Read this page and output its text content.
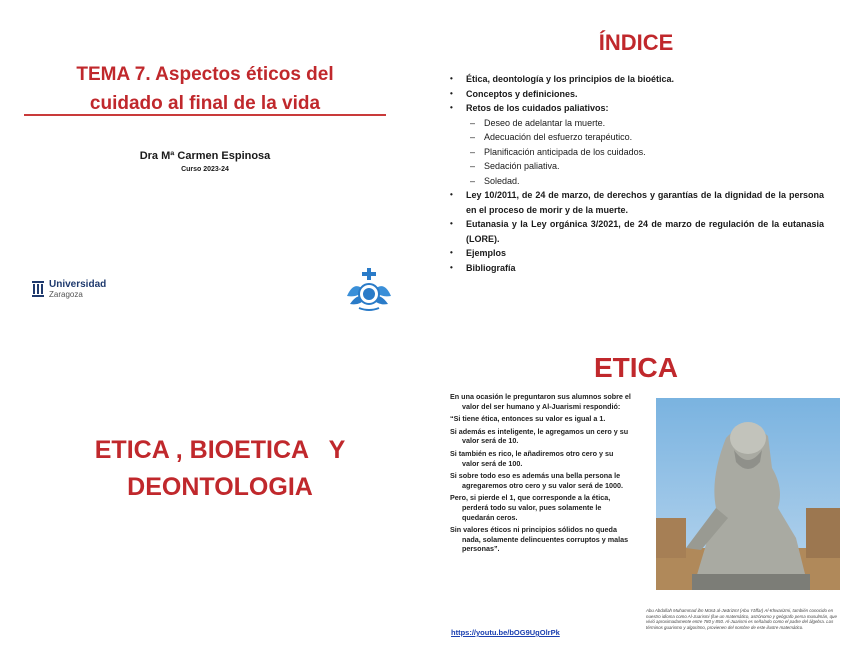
TEMA 7. Aspectos éticos del
cuidado al final de la vida
Dra Mª Carmen Espinosa
Curso 2023-24
Universidad
Zaragoza
ÍNDICE
• Ética, deontología y los principios de la bioética.
• Conceptos y definiciones.
• Retos de los cuidados paliativos:
– Deseo de adelantar la muerte.
– Adecuación del esfuerzo terapéutico.
– Planificación anticipada de los cuidados.
– Sedación paliativa.
– Soledad.
• Ley 10/2011, de 24 de marzo, de derechos y garantías de la dignidad de la persona en el proceso de morir y de la muerte.
• Eutanasia y la Ley orgánica 3/2021, de 24 de marzo de regulación de la eutanasia (LORE).
• Ejemplos
• Bibliografía
ETICA , BIOETICA   Y
DEONTOLOGIA
ETICA

En una ocasión le preguntaron sus alumnos sobre el valor del ser humano y Al-Juarismi respondió:

“Si tiene ética, entonces su valor es igual a 1.

Si además es inteligente, le agregamos un cero y su valor será de 10.

Si también es rico, le añadiremos otro cero y su valor será de 100.

Si sobre todo eso es además una bella persona le agregaremos otro cero y su valor será de 1000.

Pero, si pierde el 1, que corresponde a la ética, perderá todo su valor, pues solamente le quedarán ceros.

Sin valores éticos ni principios sólidos no queda nada, solamente delincuentes corruptos y malas personas”.

Abu Abdallah Muhammad ibn Mūsā al-Jwārizmī (Abu Yāffar) Al-Khwarizmi, también conocido en nuestro idioma como Al-Juarismi (fue un matemático, astrónomo y geógrafo persa musulmán, que vivió aproximadamente entre 780 y 850. Al-Juarismi es señalado como el padre del álgebra. Los términos guarismo y algoritmo, provienen del nombre de este ilustre matemático.
https://youtu.be/bOG9UgOlrPk
